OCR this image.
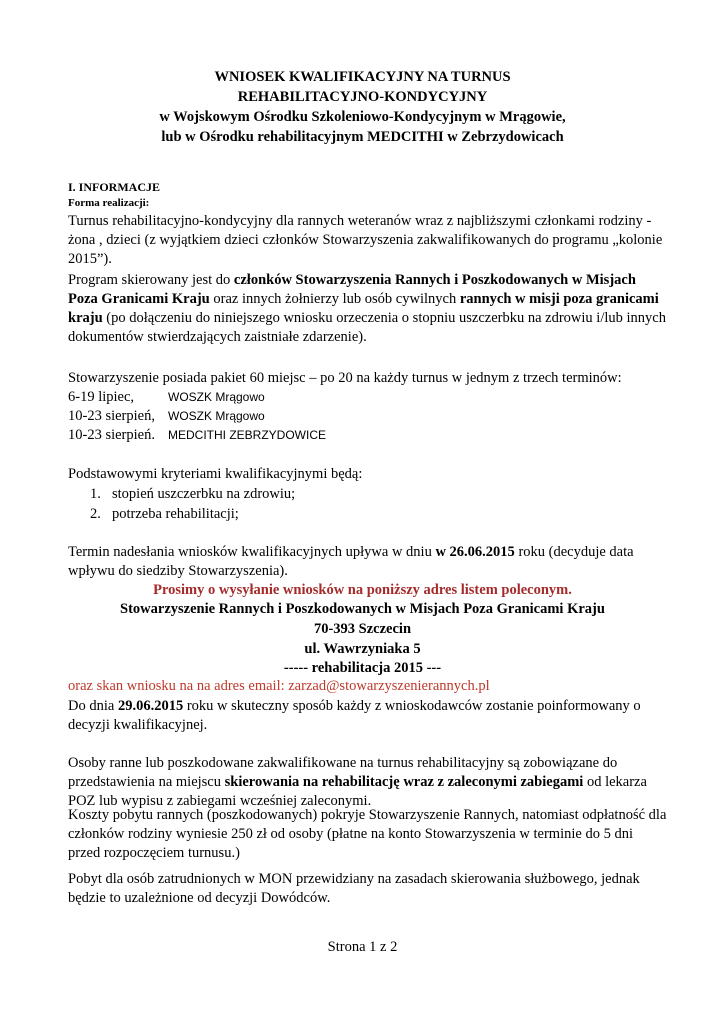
WNIOSEK KWALIFIKACYJNY NA TURNUS
REHABILITACYJNO-KONDYCYJNY
w Wojskowym Ośrodku Szkoleniowo-Kondycyjnym w Mrągowie,
lub w Ośrodku rehabilitacyjnym MEDCITHI w Zebrzydowicach
I. INFORMACJE
Forma realizacji:
Turnus rehabilitacyjno-kondycyjny dla rannych weteranów wraz z najbliższymi członkami rodziny - żona , dzieci (z wyjątkiem dzieci członków Stowarzyszenia zakwalifikowanych do programu „kolonie 2015”).
Program skierowany jest do członków Stowarzyszenia Rannych i Poszkodowanych w Misjach Poza Granicami Kraju oraz innych żołnierzy lub osób cywilnych rannych w misji poza granicami kraju (po dołączeniu do niniejszego wniosku orzeczenia o stopniu uszczerbku na zdrowiu i/lub innych dokumentów stwierdzających zaistniałe zdarzenie).
Stowarzyszenie posiada pakiet 60 miejsc – po 20 na każdy turnus w jednym z trzech terminów:
6-19 lipiec,	WOSZK Mrągowo
10-23 sierpień, WOSZK Mrągowo
10-23 sierpień. MEDCITHI ZEBRZYDOWICE
Podstawowymi kryteriami kwalifikacyjnymi będą:
1. stopień uszczerbku na zdrowiu;
2. potrzeba rehabilitacji;
Termin nadesłania wniosków kwalifikacyjnych upływa w dniu w 26.06.2015 roku (decyduje data wpływu do siedziby Stowarzyszenia).
Prosimy o wysyłanie wniosków na poniższy adres listem poleconym.
Stowarzyszenie Rannych i Poszkodowanych w Misjach Poza Granicami Kraju
70-393 Szczecin
ul. Wawrzyniaka 5
----- rehabilitacja 2015 ---
oraz skan wniosku na na adres email: zarzad@stowarzyszenierannych.pl
Do dnia 29.06.2015 roku w skuteczny sposób każdy z wnioskodawców zostanie poinformowany o decyzji kwalifikacyjnej.
Osoby ranne lub poszkodowane zakwalifikowane na turnus rehabilitacyjny są zobowiązane do przedstawienia na miejscu skierowania na rehabilitację wraz z zaleconymi zabiegami od lekarza POZ lub wypisu z zabiegami wcześniej zaleconymi.
Koszty pobytu rannych (poszkodowanych) pokryje Stowarzyszenie Rannych, natomiast odpłatność dla członków rodziny wyniesie 250 zł od osoby (płatne na konto Stowarzyszenia w terminie do 5 dni przed rozpoczęciem turnusu.)
Pobyt dla osób zatrudnionych w MON przewidziany na zasadach skierowania służbowego, jednak będzie to uzależnione od decyzji Dowódców.
Strona 1 z 2
